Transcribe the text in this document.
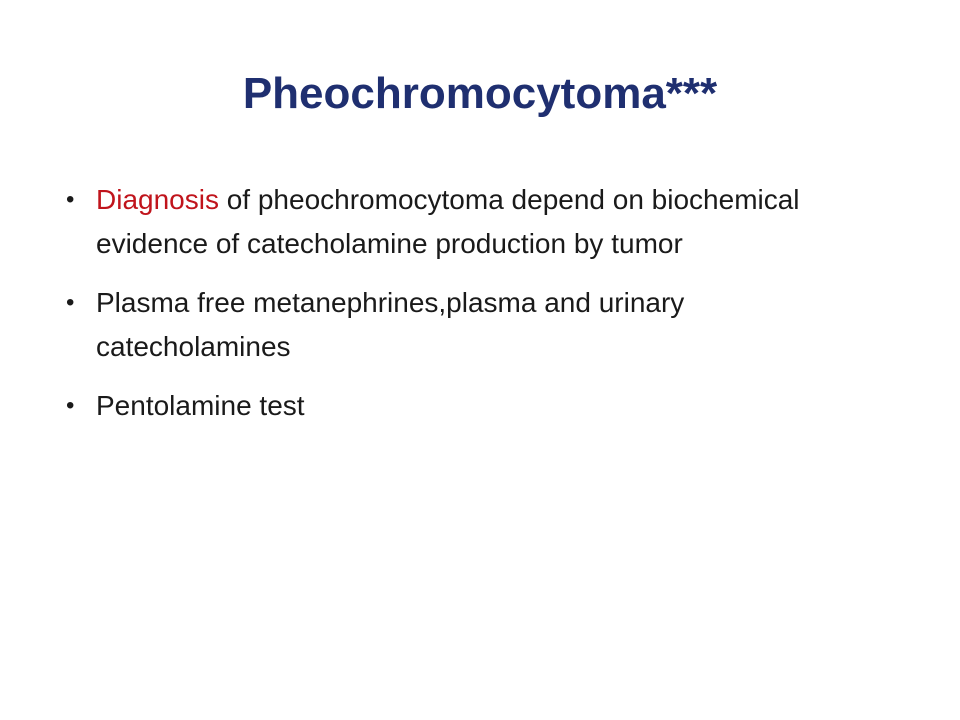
Pheochromocytoma***
• Diagnosis of pheochromocytoma depend on biochemical evidence of catecholamine production by tumor
• Plasma free metanephrines,plasma and urinary catecholamines
• Pentolamine test
